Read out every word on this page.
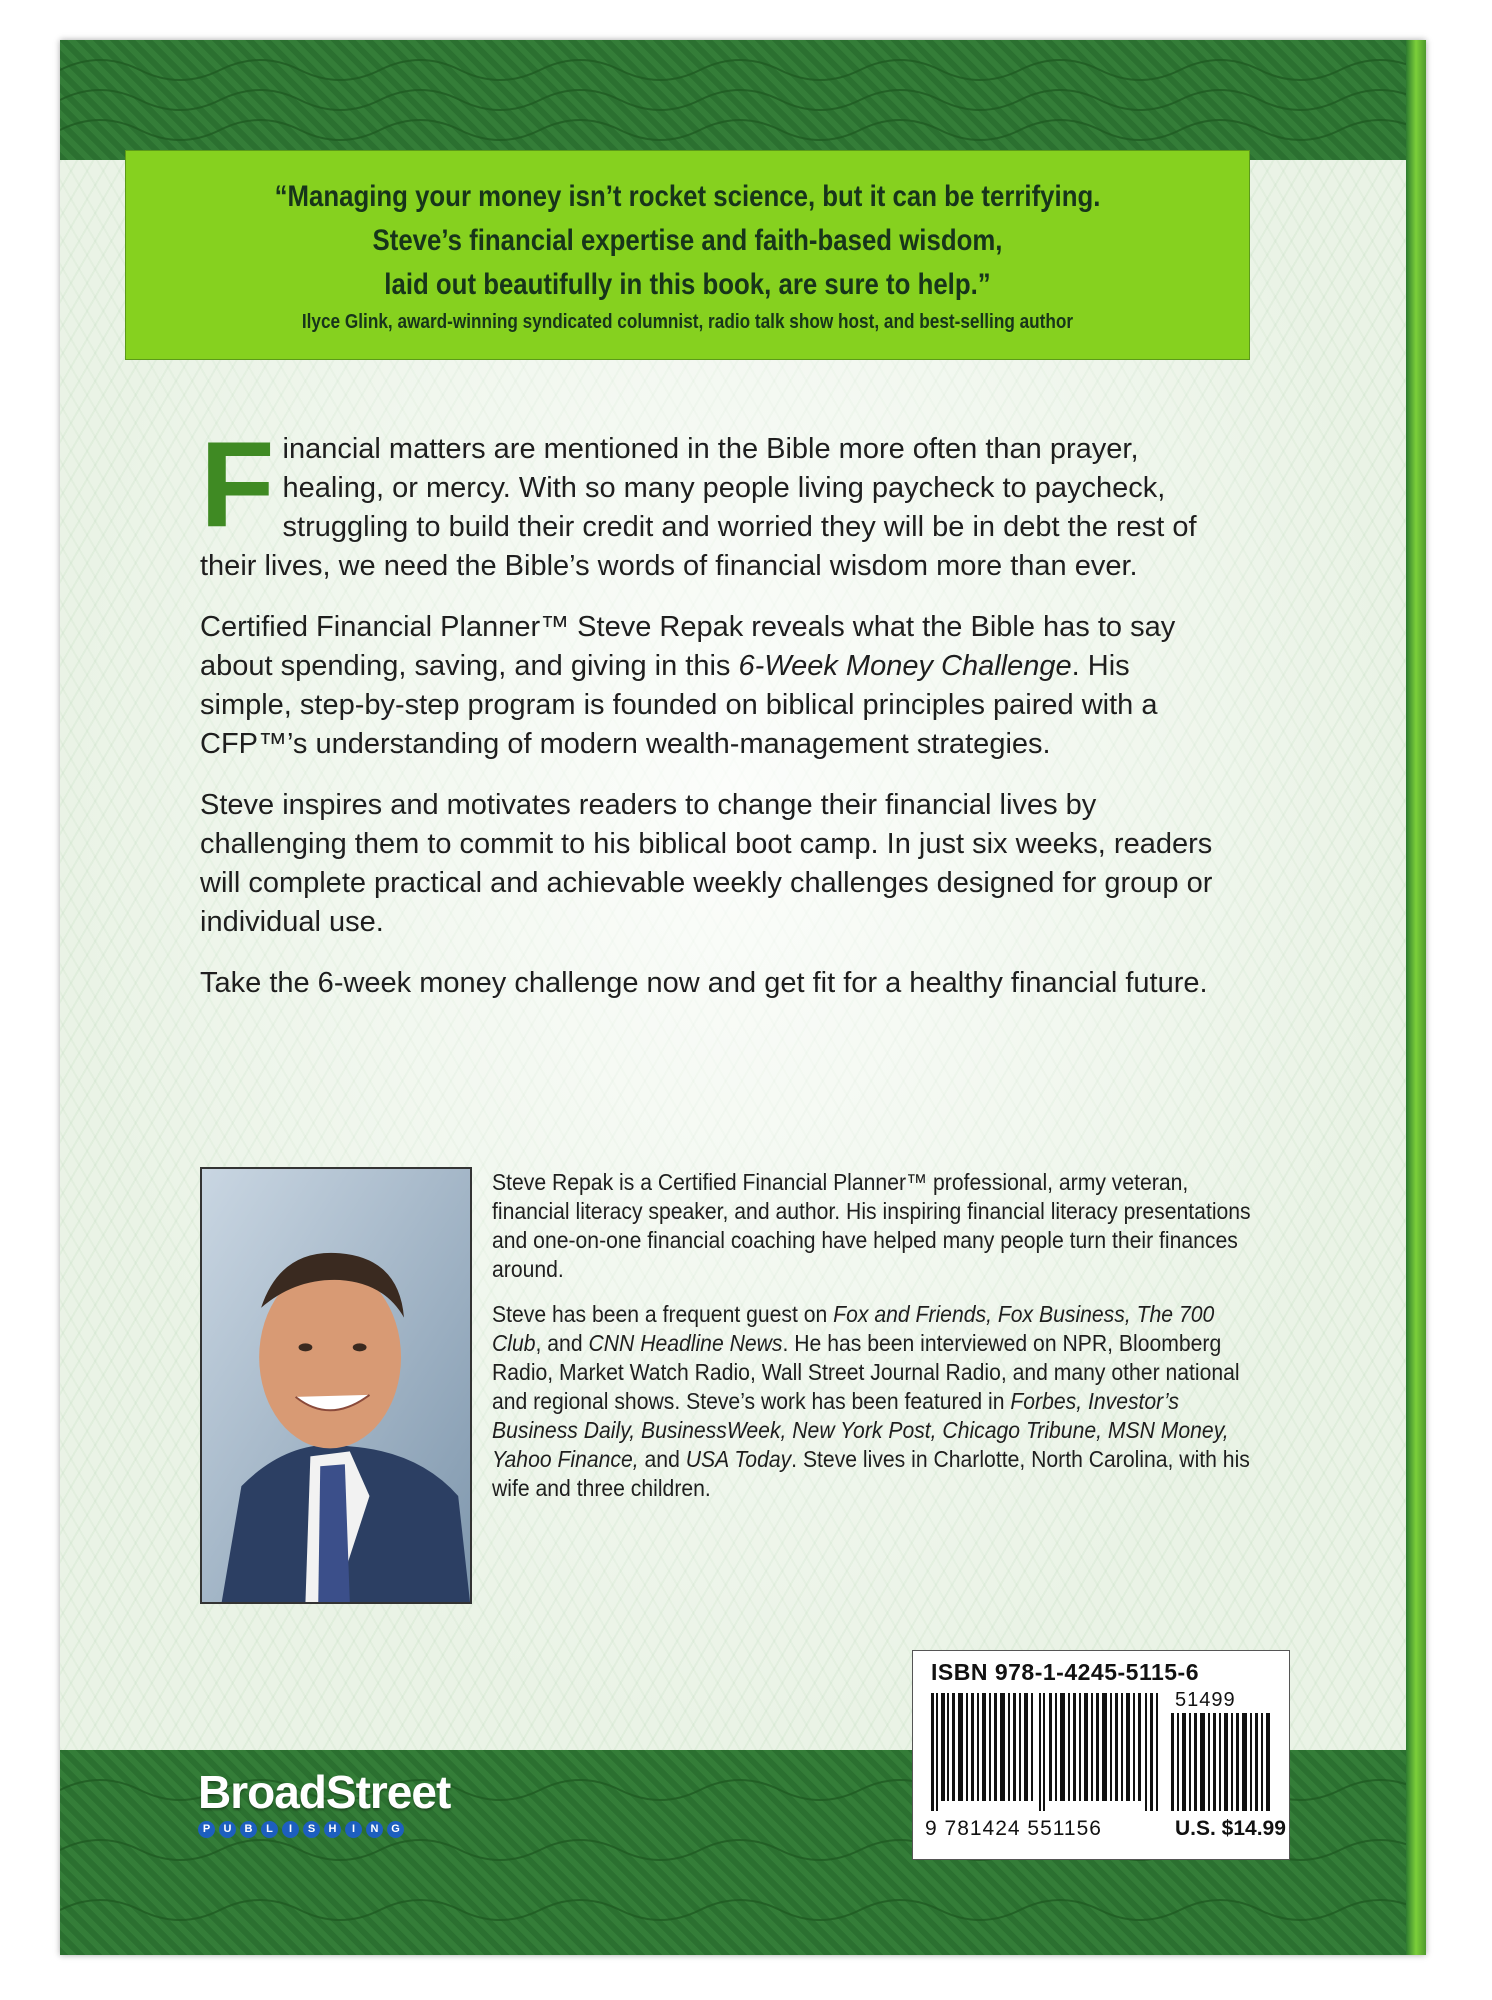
“Managing your money isn’t rocket science, but it can be terrifying.
Steve’s financial expertise and faith-based wisdom,
laid out beautifully in this book, are sure to help.”

Ilyce Glink, award-winning syndicated columnist, radio talk show host, and best-selling author

Financial matters are mentioned in the Bible more often than prayer, healing, or mercy. With so many people living paycheck to paycheck, struggling to build their credit and worried they will be in debt the rest of their lives, we need the Bible’s words of financial wisdom more than ever.

Certified Financial Planner™ Steve Repak reveals what the Bible has to say about spending, saving, and giving in this 6-Week Money Challenge. His simple, step-by-step program is founded on biblical principles paired with a CFP™’s understanding of modern wealth-management strategies.

Steve inspires and motivates readers to change their financial lives by challenging them to commit to his biblical boot camp. In just six weeks, readers will complete practical and achievable weekly challenges designed for group or individual use.

Take the 6-week money challenge now and get fit for a healthy financial future.

Steve Repak is a Certified Financial Planner™ professional, army veteran, financial literacy speaker, and author. His inspiring financial literacy presentations and one-on-one financial coaching have helped many people turn their finances around.

Steve has been a frequent guest on Fox and Friends, Fox Business, The 700 Club, and CNN Headline News. He has been interviewed on NPR, Bloomberg Radio, Market Watch Radio, Wall Street Journal Radio, and many other national and regional shows. Steve’s work has been featured in Forbes, Investor’s Business Daily, BusinessWeek, New York Post, Chicago Tribune, MSN Money, Yahoo Finance, and USA Today. Steve lives in Charlotte, North Carolina, with his wife and three children.

ISBN 978-1-4245-5115-6
51499
9 781424 551156	U.S. $14.99
BroadStreet
P	U	B	L	I	S	H	I	N	G
